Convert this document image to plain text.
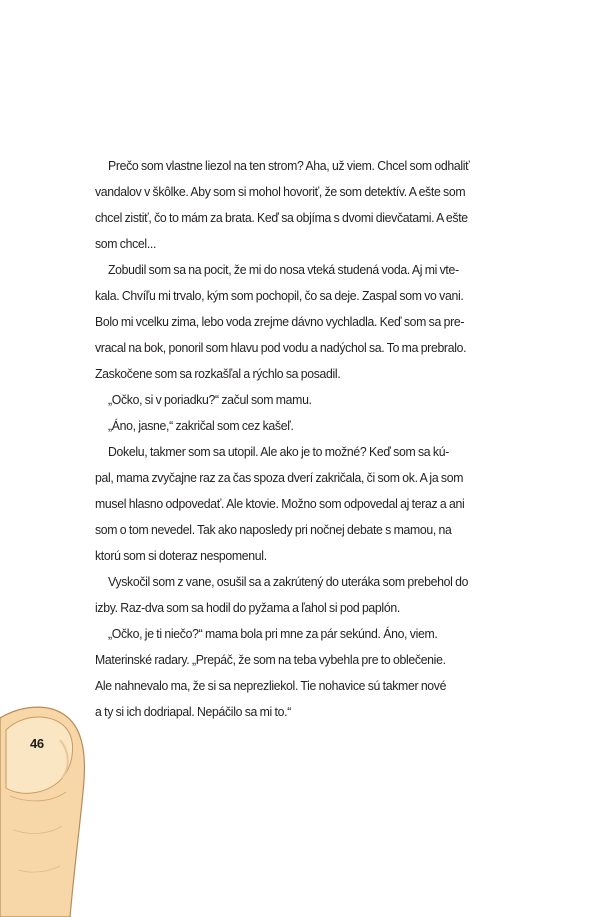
Prečo som vlastne liezol na ten strom? Aha, už viem. Chcel som odhaliť
vandalov v škôlke. Aby som si mohol hovoriť, že som detektív. A ešte som
chcel zistiť, čo to mám za brata. Keď sa objíma s dvomi dievčatami. A ešte
som chcel...

Zobudil som sa na pocit, že mi do nosa vteká studená voda. Aj mi vte-
kala. Chvíľu mi trvalo, kým som pochopil, čo sa deje. Zaspal som vo vani.
Bolo mi vcelku zima, lebo voda zrejme dávno vychladla. Keď som sa pre-
vracal na bok, ponoril som hlavu pod vodu a nadýchol sa. To ma prebralo.
Zaskočene som sa rozkašľal a rýchlo sa posadil.

„Očko, si v poriadku?“ začul som mamu.

„Áno, jasne,“ zakričal som cez kašeľ.

Dokelu, takmer som sa utopil. Ale ako je to možné? Keď som sa kú-
pal, mama zvyčajne raz za čas spoza dverí zakričala, či som ok. A ja som
musel hlasno odpovedať. Ale ktovie. Možno som odpovedal aj teraz a ani
som o tom nevedel. Tak ako naposledy pri nočnej debate s mamou, na
ktorú som si doteraz nespomenul.

Vyskočil som z vane, osušil sa a zakrútený do uteráka som prebehol do
izby. Raz-dva som sa hodil do pyžama a ľahol si pod paplón.

„Očko, je ti niečo?“ mama bola pri mne za pár sekúnd. Áno, viem.
Materinské radary. „Prepáč, že som na teba vybehla pre to oblečenie.
Ale nahnevalo ma, že si sa neprezliekol. Tie nohavice sú takmer nové
a ty si ich dodriapal. Nepáčilo sa mi to.“

46
